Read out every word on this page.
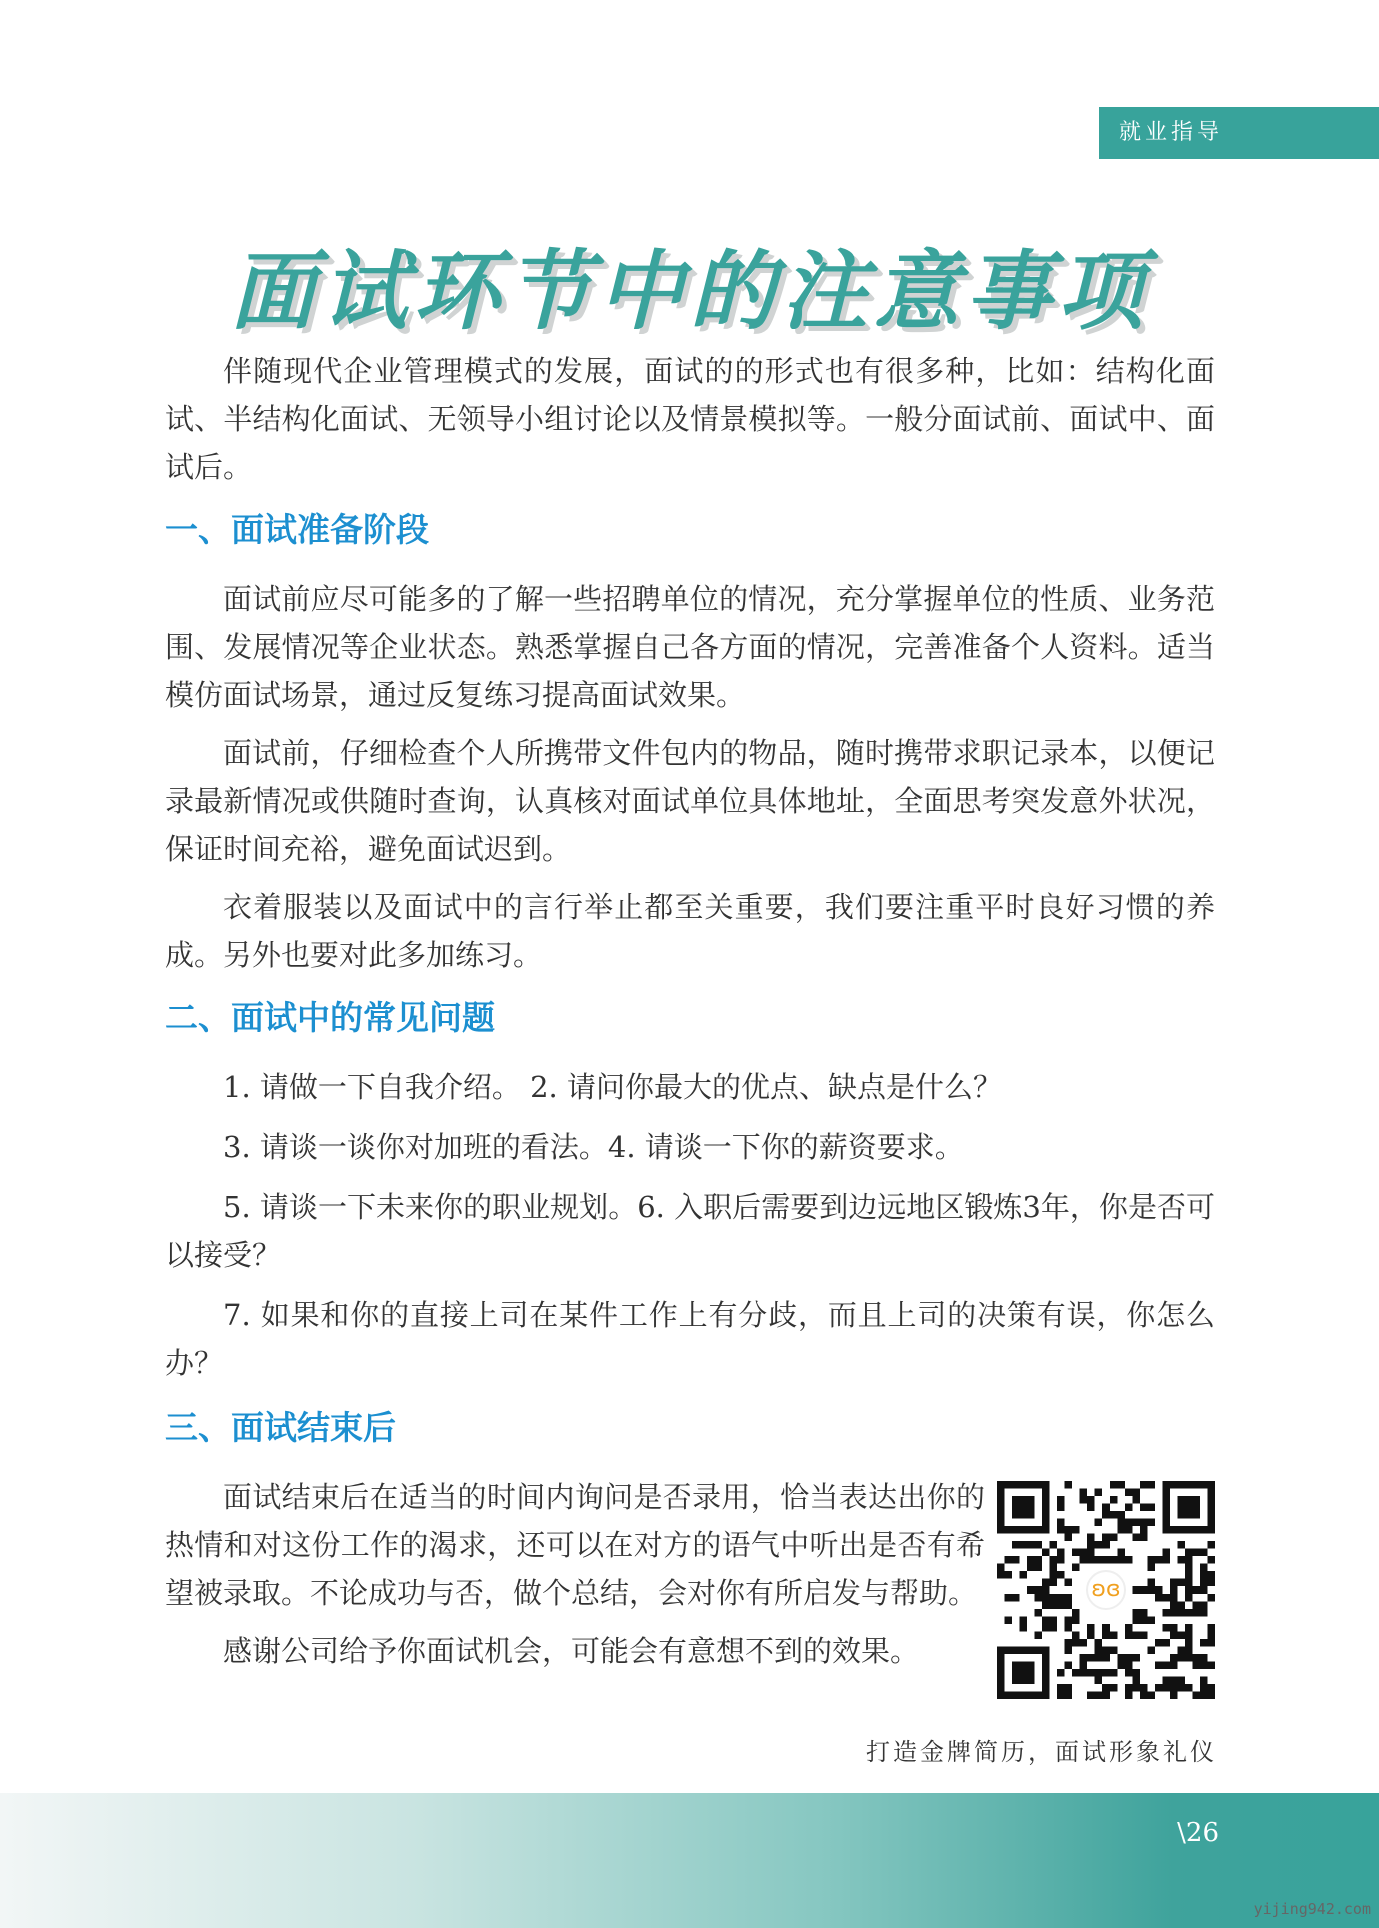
就业指导
面试环节中的注意事项

伴随现代企业管理模式的发展，面试的的形式也有很多种，比如：结构化面试、半结构化面试、无领导小组讨论以及情景模拟等。一般分面试前、面试中、面试后。

一、面试准备阶段

面试前应尽可能多的了解一些招聘单位的情况，充分掌握单位的性质、业务范围、发展情况等企业状态。熟悉掌握自己各方面的情况，完善准备个人资料。适当模仿面试场景，通过反复练习提高面试效果。

面试前，仔细检查个人所携带文件包内的物品，随时携带求职记录本，以便记录最新情况或供随时查询，认真核对面试单位具体地址，全面思考突发意外状况，保证时间充裕，避免面试迟到。

衣着服装以及面试中的言行举止都至关重要，我们要注重平时良好习惯的养成。另外也要对此多加练习。

二、面试中的常见问题

1. 请做一下自我介绍。 2. 请问你最大的优点、缺点是什么？

3. 请谈一谈你对加班的看法。4. 请谈一下你的薪资要求。

5. 请谈一下未来你的职业规划。6. 入职后需要到边远地区锻炼3年，你是否可以接受？

7. 如果和你的直接上司在某件工作上有分歧，而且上司的决策有误，你怎么办？

三、面试结束后

面试结束后在适当的时间内询问是否录用，恰当表达出你的热情和对这份工作的渴求，还可以在对方的语气中听出是否有希望被录取。不论成功与否，做个总结，会对你有所启发与帮助。

感谢公司给予你面试机会，可能会有意想不到的效果。

ʚɞ
打造金牌简历，面试形象礼仪
\26
yijing942.com
